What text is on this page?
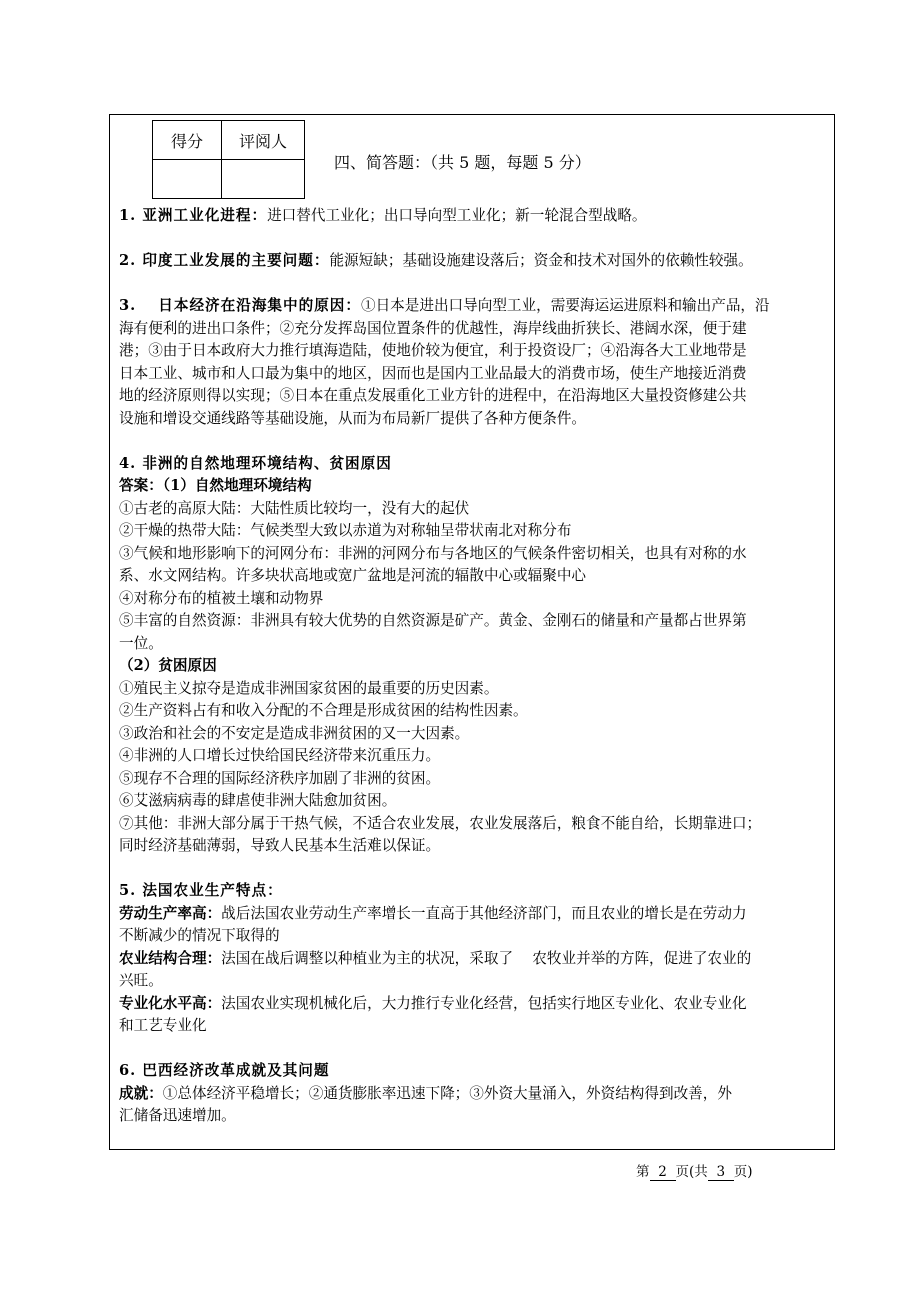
得分	评阅人

四、简答题：（共 5 题，每题 5 分）

1. 亚洲工业化进程：进口替代工业化；出口导向型工业化；新一轮混合型战略。

2. 印度工业发展的主要问题：能源短缺；基础设施建设落后；资金和技术对国外的依赖性较强。

3. 日本经济在沿海集中的原因：①日本是进出口导向型工业，需要海运运进原料和输出产品，沿

海有便利的进出口条件；②充分发挥岛国位置条件的优越性，海岸线曲折狭长、港阔水深，便于建

港；③由于日本政府大力推行填海造陆，使地价较为便宜，利于投资设厂；④沿海各大工业地带是

日本工业、城市和人口最为集中的地区，因而也是国内工业品最大的消费市场，使生产地接近消费

地的经济原则得以实现；⑤日本在重点发展重化工业方针的进程中，在沿海地区大量投资修建公共

设施和增设交通线路等基础设施，从而为布局新厂提供了各种方便条件。

4. 非洲的自然地理环境结构、贫困原因

答案：（1）自然地理环境结构

①古老的高原大陆：大陆性质比较均一，没有大的起伏

②干燥的热带大陆：气候类型大致以赤道为对称轴呈带状南北对称分布

③气候和地形影响下的河网分布：非洲的河网分布与各地区的气候条件密切相关，也具有对称的水

系、水文网结构。许多块状高地或宽广盆地是河流的辐散中心或辐聚中心

④对称分布的植被土壤和动物界

⑤丰富的自然资源：非洲具有较大优势的自然资源是矿产。黄金、金刚石的储量和产量都占世界第

一位。

（2）贫困原因

①殖民主义掠夺是造成非洲国家贫困的最重要的历史因素。

②生产资料占有和收入分配的不合理是形成贫困的结构性因素。

③政治和社会的不安定是造成非洲贫困的又一大因素。

④非洲的人口增长过快给国民经济带来沉重压力。

⑤现存不合理的国际经济秩序加剧了非洲的贫困。

⑥艾滋病病毒的肆虐使非洲大陆愈加贫困。

⑦其他：非洲大部分属于干热气候，不适合农业发展，农业发展落后，粮食不能自给，长期靠进口；

同时经济基础薄弱，导致人民基本生活难以保证。

5. 法国农业生产特点：

劳动生产率高：战后法国农业劳动生产率增长一直高于其他经济部门，而且农业的增长是在劳动力

不断减少的情况下取得的

农业结构合理：法国在战后调整以种植业为主的状况，采取了　 农牧业并举的方阵，促进了农业的

兴旺。

专业化水平高：法国农业实现机械化后，大力推行专业化经营，包括实行地区专业化、农业专业化

和工艺专业化

6. 巴西经济改革成就及其问题

成就：①总体经济平稳增长；②通货膨胀率迅速下降；③外资大量涌入，外资结构得到改善，外

汇储备迅速增加。

第 2 页(共 3 页)
